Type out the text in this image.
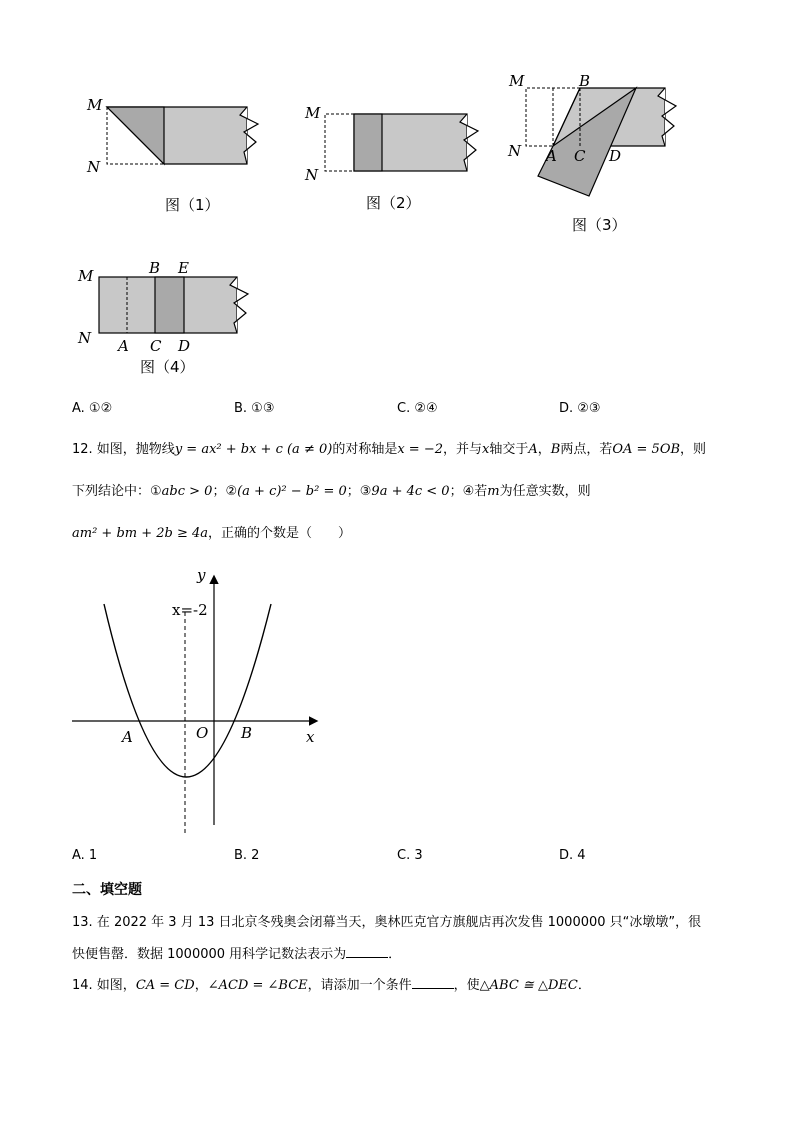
M
N
图（1）
M
N
图（2）
M	B
N A C D
图（3）
M	B E
N A C D
图（4）
A. ①②	B. ①③	C. ②④	D. ②③
12. 如图，抛物线y = ax² + bx + c (a ≠ 0)的对称轴是x = −2，并与x轴交于A，B两点，若OA = 5OB，则
下列结论中：①abc > 0；②(a + c)² − b² = 0；③9a + 4c < 0；④若m为任意实数，则
am² + bm + 2b ≥ 4a，正确的个数是（　　）
y
x
x=-2
O
A	B
A. 1	B. 2	C. 3	D. 4
二、填空题
13. 在 2022 年 3 月 13 日北京冬残奥会闭幕当天，奥林匹克官方旗舰店再次发售 1000000 只“冰墩墩”，很
快便售罄．数据 1000000 用科学记数法表示为	．
14. 如图，CA = CD，∠ACD = ∠BCE，请添加一个条件	，使△ABC ≅ △DEC．
